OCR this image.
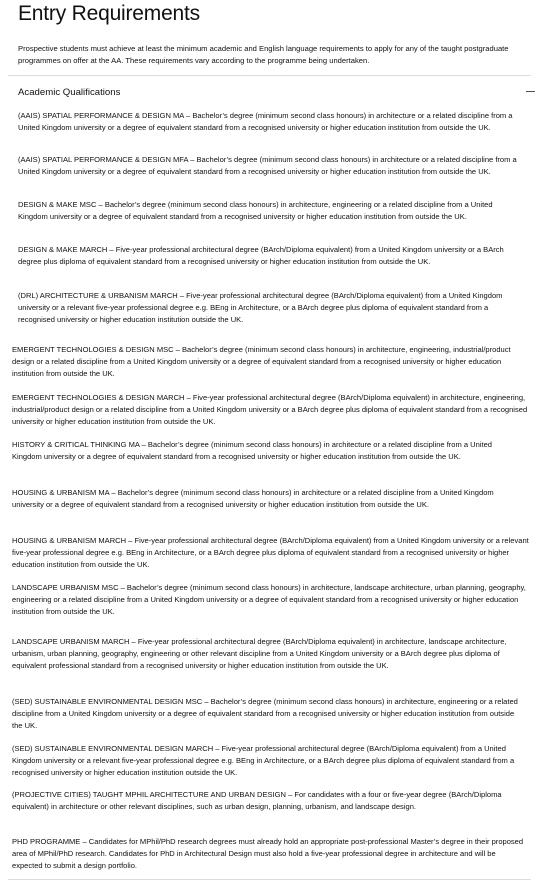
Entry Requirements
Prospective students must achieve at least the minimum academic and English language requirements to apply for any of the taught postgraduate programmes on offer at the AA. These requirements vary according to the programme being undertaken.
Academic Qualifications
(AAIS) SPATIAL PERFORMANCE & DESIGN MA – Bachelor’s degree (minimum second class honours) in architecture or a related discipline from a United Kingdom university or a degree of equivalent standard from a recognised university or higher education institution from outside the UK.
(AAIS) SPATIAL PERFORMANCE & DESIGN MFA – Bachelor’s degree (minimum second class honours) in architecture or a related discipline from a United Kingdom university or a degree of equivalent standard from a recognised university or higher education institution from outside the UK.
DESIGN & MAKE MSC – Bachelor’s degree (minimum second class honours) in architecture, engineering or a related discipline from a United Kingdom university or a degree of equivalent standard from a recognised university or higher education institution from outside the UK.
DESIGN & MAKE MARCH – Five-year professional architectural degree (BArch/Diploma equivalent) from a United Kingdom university or a BArch degree plus diploma of equivalent standard from a recognised university or higher education institution from outside the UK.
(DRL) ARCHITECTURE & URBANISM MARCH – Five-year professional architectural degree (BArch/Diploma equivalent) from a United Kingdom university or a relevant five-year professional degree e.g. BEng in Architecture, or a BArch degree plus diploma of equivalent standard from a recognised university or higher education institution outside the UK.
EMERGENT TECHNOLOGIES & DESIGN MSC – Bachelor’s degree (minimum second class honours) in architecture, engineering, industrial/product design or a related discipline from a United Kingdom university or a degree of equivalent standard from a recognised university or higher education institution from outside the UK.
EMERGENT TECHNOLOGIES & DESIGN MARCH – Five-year professional architectural degree (BArch/Diploma equivalent) in architecture, engineering, industrial/product design or a related discipline from a United Kingdom university or a BArch degree plus diploma of equivalent standard from a recognised university or higher education institution from outside the UK.
HISTORY & CRITICAL THINKING MA – Bachelor’s degree (minimum second class honours) in architecture or a related discipline from a United Kingdom university or a degree of equivalent standard from a recognised university or higher education institution from outside the UK.
HOUSING & URBANISM MA – Bachelor’s degree (minimum second class honours) in architecture or a related discipline from a United Kingdom university or a degree of equivalent standard from a recognised university or higher education institution from outside the UK.
HOUSING & URBANISM MARCH – Five-year professional architectural degree (BArch/Diploma equivalent) from a United Kingdom university or a relevant five-year professional degree e.g. BEng in Architecture, or a BArch degree plus diploma of equivalent standard from a recognised university or higher education institution from outside the UK.
LANDSCAPE URBANISM MSC – Bachelor’s degree (minimum second class honours) in architecture, landscape architecture, urban planning, geography, engineering or a related discipline from a United Kingdom university or a degree of equivalent standard from a recognised university or higher education institution from outside the UK.
LANDSCAPE URBANISM MARCH – Five-year professional architectural degree (BArch/Diploma equivalent) in architecture, landscape architecture, urbanism, urban planning, geography, engineering or other relevant discipline from a United Kingdom university or a BArch degree plus diploma of equivalent professional standard from a recognised university or higher education institution from outside the UK.
(SED) SUSTAINABLE ENVIRONMENTAL DESIGN MSC – Bachelor’s degree (minimum second class honours) in architecture, engineering or a related discipline from a United Kingdom university or a degree of equivalent standard from a recognised university or higher education institution from outside the UK.
(SED) SUSTAINABLE ENVIRONMENTAL DESIGN MARCH – Five-year professional architectural degree (BArch/Diploma equivalent) from a United Kingdom university or a relevant five-year professional degree e.g. BEng in Architecture, or a BArch degree plus diploma of equivalent standard from a recognised university or higher education institution outside the UK.
(PROJECTIVE CITIES) TAUGHT MPHIL ARCHITECTURE AND URBAN DESIGN – For candidates with a four or five-year degree (BArch/Diploma equivalent) in architecture or other relevant disciplines, such as urban design, planning, urbanism, and landscape design.
PHD PROGRAMME – Candidates for MPhil/PhD research degrees must already hold an appropriate post-professional Master’s degree in their proposed area of MPhil/PhD research. Candidates for PhD in Architectural Design must also hold a five-year professional degree in architecture and will be expected to submit a design portfolio.
